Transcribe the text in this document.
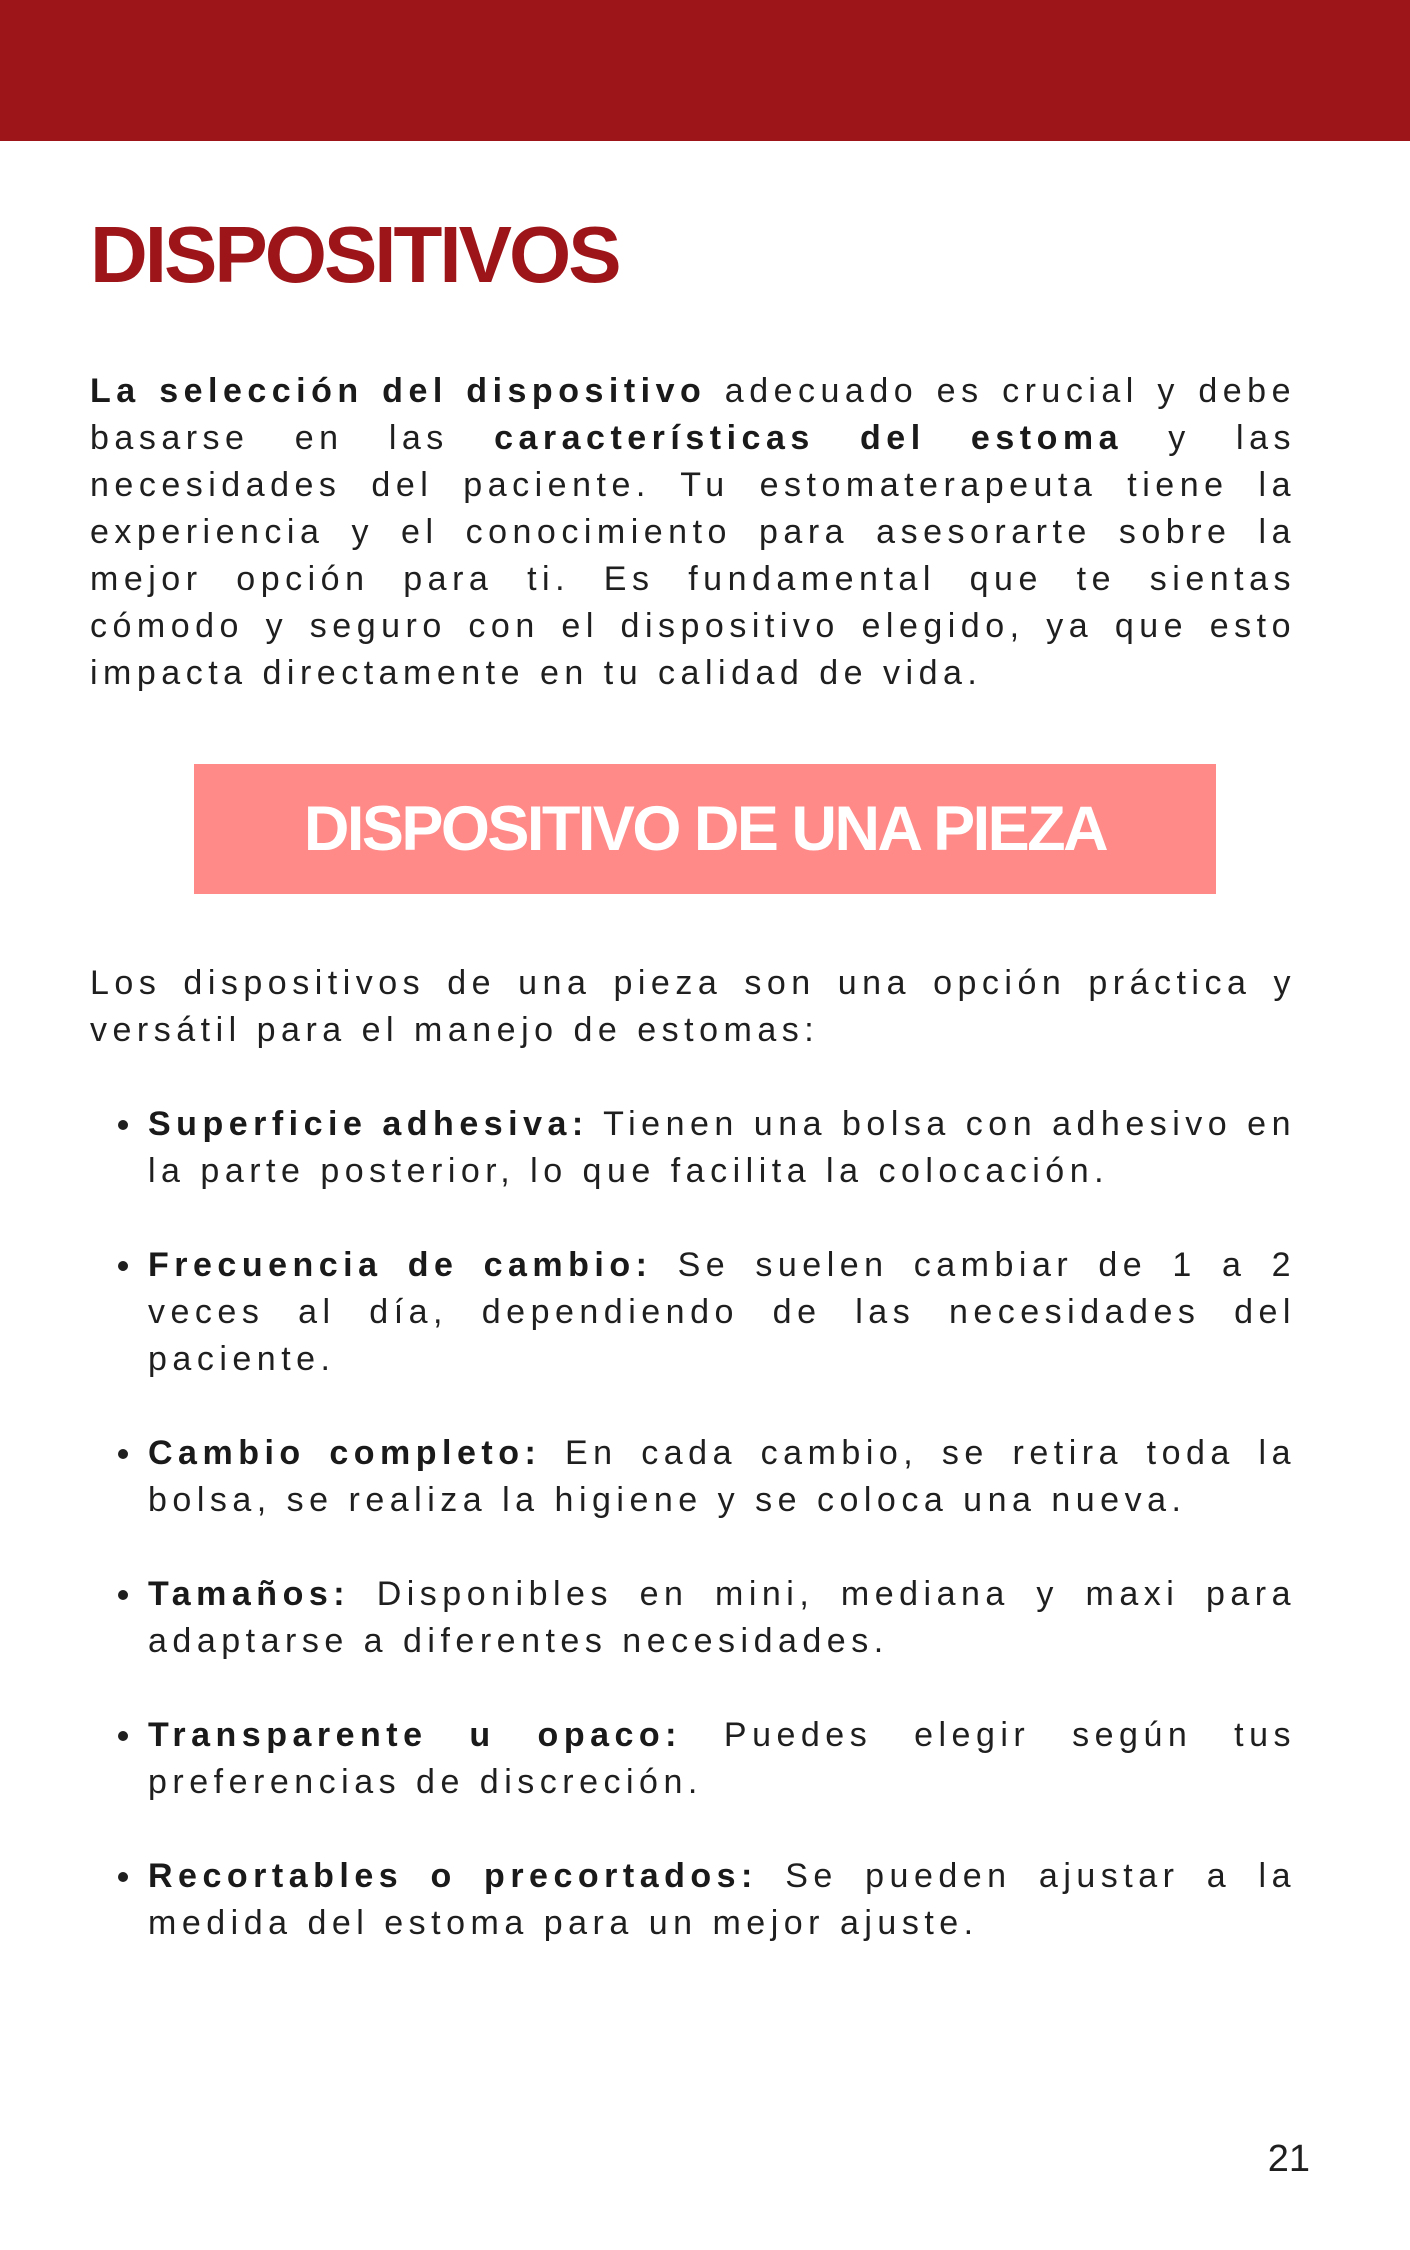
DISPOSITIVOS

La selección del dispositivo adecuado es crucial y debe basarse en las características del estoma y las necesidades del paciente. Tu estomaterapeuta tiene la experiencia y el conocimiento para asesorarte sobre la mejor opción para ti. Es fundamental que te sientas cómodo y seguro con el dispositivo elegido, ya que esto impacta directamente en tu calidad de vida.

DISPOSITIVO DE UNA PIEZA

Los dispositivos de una pieza son una opción práctica y versátil para el manejo de estomas:

Superficie adhesiva: Tienen una bolsa con adhesivo en la parte posterior, lo que facilita la colocación.
Frecuencia de cambio: Se suelen cambiar de 1 a 2 veces al día, dependiendo de las necesidades del paciente.
Cambio completo: En cada cambio, se retira toda la bolsa, se realiza la higiene y se coloca una nueva.
Tamaños: Disponibles en mini, mediana y maxi para adaptarse a diferentes necesidades.
Transparente u opaco: Puedes elegir según tus preferencias de discreción.
Recortables o precortados: Se pueden ajustar a la medida del estoma para un mejor ajuste.
21
